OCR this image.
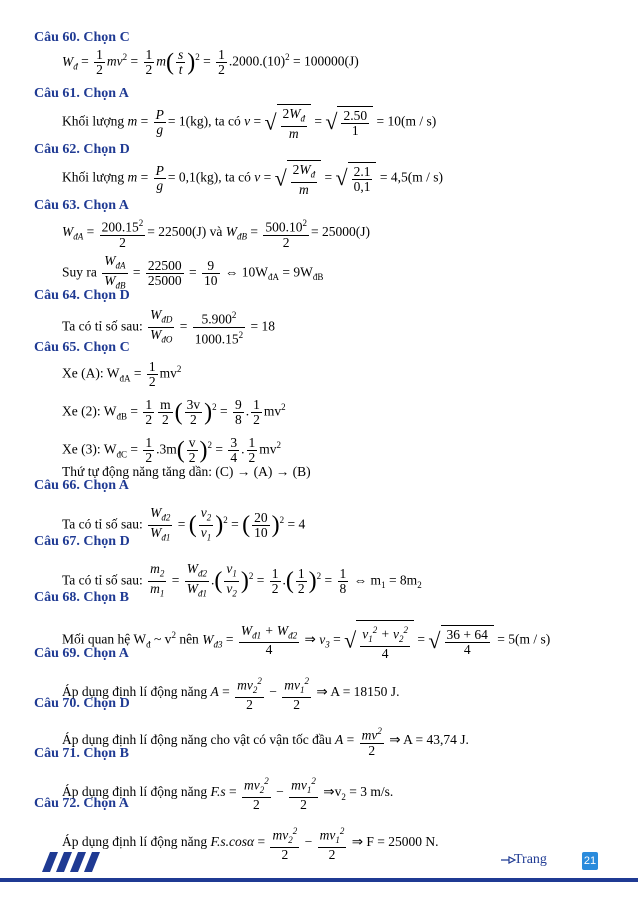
Câu 60. Chọn C
$W_đ = \frac{1}{2} mv^2 = \frac{1}{2} m( \frac{s}{t} )^2 = \frac{1}{2} .2000.(10)^2 = 100000(J)$
Câu 61. Chọn A
Khối lượng $m = \frac{P}{g} = 1(kg)$, ta có v = √ $\frac{2W_đ}{m}$ = √ $\frac{2.50}{1} = 10(m / s)$
Câu 62. Chọn D
Khối lượng $m = \frac{P}{g} = 0,1(kg)$, ta có v = √ $\frac{2W_đ}{m}$ = √ $\frac{2.1}{0,1} = 4,5(m / s)$
Câu 63. Chọn A
$W_{đA} = \frac{200.15^2}{2} = 22500(J)$ và $W_{đB} = \frac{500.10^2}{2} = 25000(J)$
Suy ra $\frac{W_{đA}}{W_{đB}} = \frac{22500}{25000} = \frac{9}{10}$ ⇔ $10W_{đA} = 9W_{đB}$
Câu 64. Chọn D
Ta có tỉ số sau: $\frac{W_{đD}}{W_{đO}} = \frac{5.900^2}{1000.15^2} = 18$
Câu 65. Chọn C
Xe (A): $W_{đA} = \frac{1}{2} mv^2$
Xe (2): $W_{đB} = \frac{1}{2} \frac{m}{2}$ ( $\frac{3v}{2} )^2 = \frac{9}{8}$ . $\frac{1}{2} mv^2$
Xe (3): $W_{đC} = \frac{1}{2} .3m( \frac{v}{2} )^2 = \frac{3}{4}$ . $\frac{1}{2} mv^2$
Thứ tự động năng tăng dần: (C) → (A) → (B)
Câu 66. Chọn A
Ta có tỉ số sau: $\frac{W_{đ2}}{W_{đ1}}$ = ( $\frac{v_2}{v_1} )^2$ = ( $\frac{20}{10} )^2 = 4$
Câu 67. Chọn D
Ta có tỉ số sau: $\frac{m_2}{m_1} = \frac{W_{đ2}}{W_{đ1}}$ .( $\frac{v_1}{v_2} )^2 = \frac{1}{2}$ .( $\frac{1}{2} )^2 = \frac{1}{8}$ ⇔ $m_1 = 8m_2$
Câu 68. Chọn B
Mối quan hệ $W_đ$ ~ $v^2$ nên $W_{đ3} = \frac{W_{đ1} + W_{đ2}}{4}$ ⇒ $v_3$ = √ $\frac{v_1^2 + v_2^2}{4}$ = √ $\frac{36 + 64}{4} = 5(m / s)$
Câu 69. Chọn A
Áp dụng định lí động năng $A = \frac{mv_2^2}{2} - \frac{mv_1^2}{2}$ ⇒ A = 18150 J.
Câu 70. Chọn D
Áp dụng định lí động năng cho vật có vận tốc đầu $A = \frac{mv^2}{2}$ ⇒ A = 43,74 J.
Câu 71. Chọn B
Áp dụng định lí động năng $F.s = \frac{mv_2^2}{2} - \frac{mv_1^2}{2}$ $\Rightarrow v_2 = 3$ m/s.
Câu 72. Chọn A
Áp dụng định lí động năng $F.s.\cos\alpha = \frac{mv_2^2}{2} - \frac{mv_1^2}{2}$ ⇒ F = 25000 N.
Trang	21
